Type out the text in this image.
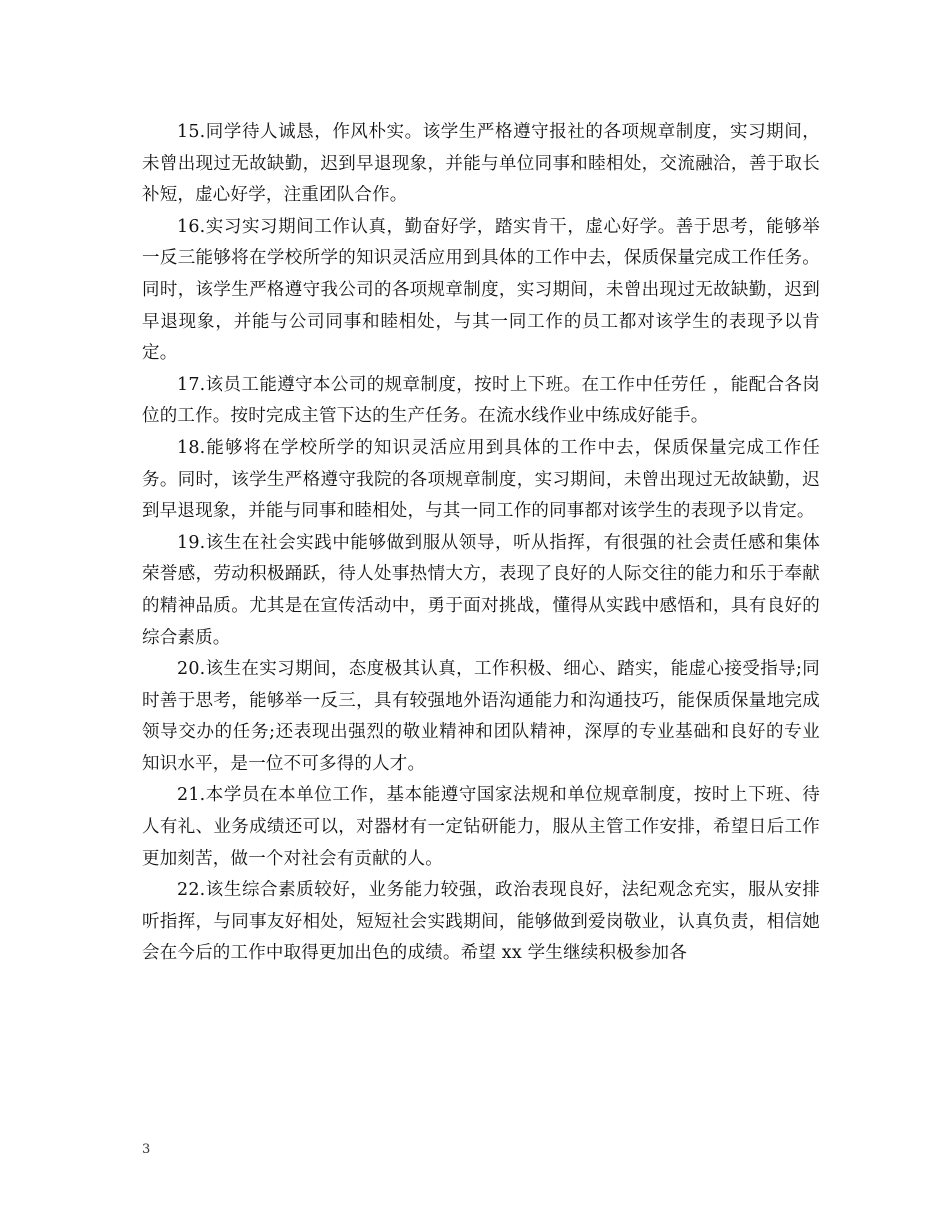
15.同学待人诚恳，作风朴实。该学生严格遵守报社的各项规章制度，实习期间，未曾出现过无故缺勤，迟到早退现象，并能与单位同事和睦相处，交流融洽，善于取长补短，虚心好学，注重团队合作。

16.实习实习期间工作认真，勤奋好学，踏实肯干，虚心好学。善于思考，能够举一反三能够将在学校所学的知识灵活应用到具体的工作中去，保质保量完成工作任务。同时，该学生严格遵守我公司的各项规章制度，实习期间，未曾出现过无故缺勤，迟到早退现象，并能与公司同事和睦相处，与其一同工作的员工都对该学生的表现予以肯定。

17.该员工能遵守本公司的规章制度，按时上下班。在工作中任劳任 ，能配合各岗位的工作。按时完成主管下达的生产任务。在流水线作业中练成好能手。

18.能够将在学校所学的知识灵活应用到具体的工作中去，保质保量完成工作任务。同时，该学生严格遵守我院的各项规章制度，实习期间，未曾出现过无故缺勤，迟到早退现象，并能与同事和睦相处，与其一同工作的同事都对该学生的表现予以肯定。

19.该生在社会实践中能够做到服从领导，听从指挥，有很强的社会责任感和集体荣誉感，劳动积极踊跃，待人处事热情大方，表现了良好的人际交往的能力和乐于奉献的精神品质。尤其是在宣传活动中，勇于面对挑战，懂得从实践中感悟和，具有良好的综合素质。

20.该生在实习期间，态度极其认真，工作积极、细心、踏实，能虚心接受指导;同时善于思考，能够举一反三，具有较强地外语沟通能力和沟通技巧，能保质保量地完成领导交办的任务;还表现出强烈的敬业精神和团队精神，深厚的专业基础和良好的专业知识水平，是一位不可多得的人才。

21.本学员在本单位工作，基本能遵守国家法规和单位规章制度，按时上下班、待人有礼、业务成绩还可以，对器材有一定钻研能力，服从主管工作安排，希望日后工作更加刻苦，做一个对社会有贡献的人。

22.该生综合素质较好，业务能力较强，政治表现良好，法纪观念充实，服从安排听指挥，与同事友好相处，短短社会实践期间，能够做到爱岗敬业，认真负责，相信她会在今后的工作中取得更加出色的成绩。希望 xx 学生继续积极参加各

3
